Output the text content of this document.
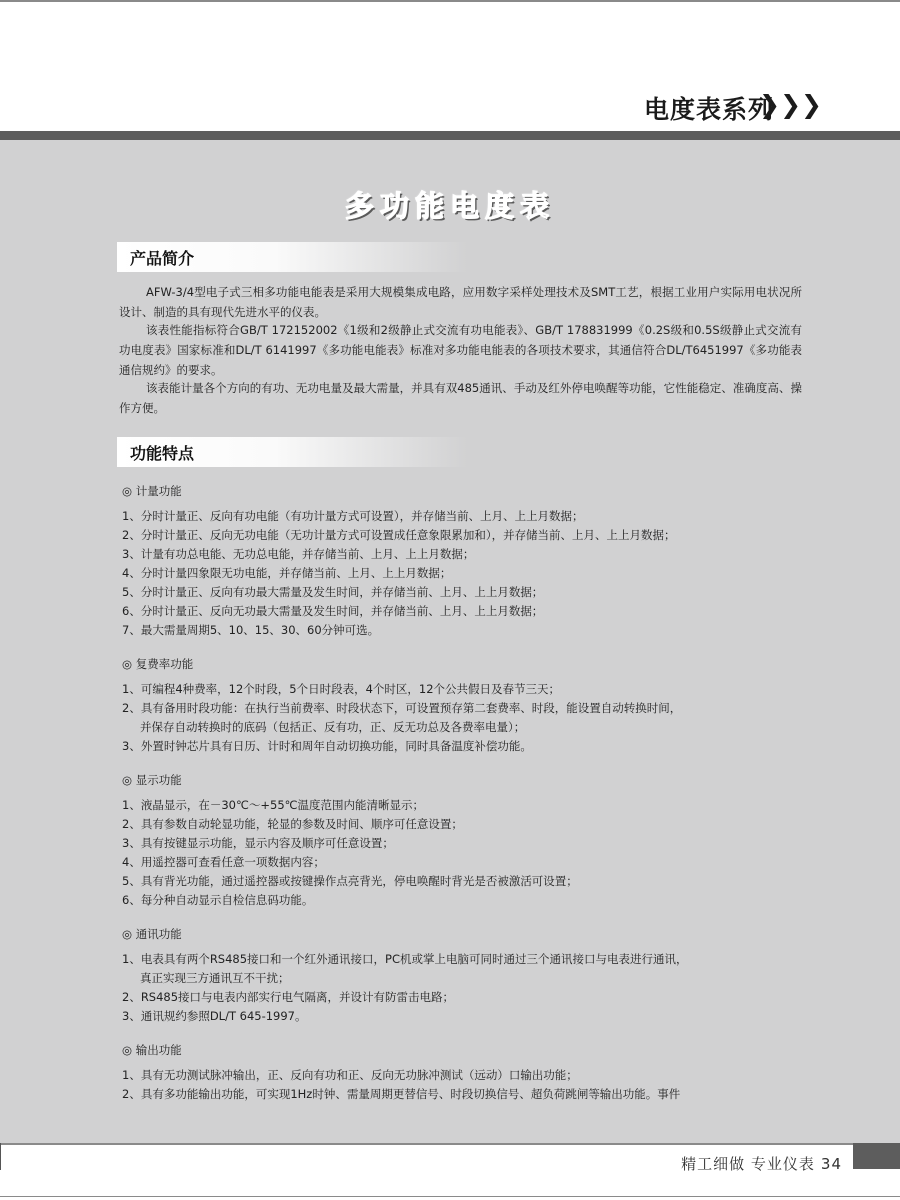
电度表系列
❯❯❯
多功能电度表
产品简介

AFW-3/4型电子式三相多功能电能表是采用大规模集成电路，应用数字采样处理技术及SMT工艺，根据工业用户实际用电状况所设计、制造的具有现代先进水平的仪表。

该表性能指标符合GB/T 172152002《1级和2级静止式交流有功电能表》、GB/T 178831999《0.2S级和0.5S级静止式交流有功电度表》国家标准和DL/T 6141997《多功能电能表》标准对多功能电能表的各项技术要求，其通信符合DL/T6451997《多功能表通信规约》的要求。

该表能计量各个方向的有功、无功电量及最大需量，并具有双485通讯、手动及红外停电唤醒等功能，它性能稳定、准确度高、操作方便。

功能特点
◎ 计量功能
1、分时计量正、反向有功电能（有功计量方式可设置），并存储当前、上月、上上月数据；
2、分时计量正、反向无功电能（无功计量方式可设置成任意象限累加和），并存储当前、上月、上上月数据；
3、计量有功总电能、无功总电能，并存储当前、上月、上上月数据；
4、分时计量四象限无功电能，并存储当前、上月、上上月数据；
5、分时计量正、反向有功最大需量及发生时间，并存储当前、上月、上上月数据；
6、分时计量正、反向无功最大需量及发生时间，并存储当前、上月、上上月数据；
7、最大需量周期5、10、15、30、60分钟可选。
◎ 复费率功能
1、可编程4种费率，12个时段，5个日时段表，4个时区，12个公共假日及春节三天；
2、具有备用时段功能：在执行当前费率、时段状态下，可设置预存第二套费率、时段，能设置自动转换时间，
并保存自动转换时的底码（包括正、反有功，正、反无功总及各费率电量）；
3、外置时钟芯片具有日历、计时和周年自动切换功能，同时具备温度补偿功能。
◎ 显示功能
1、液晶显示，在－30℃～+55℃温度范围内能清晰显示；
2、具有参数自动轮显功能，轮显的参数及时间、顺序可任意设置；
3、具有按键显示功能，显示内容及顺序可任意设置；
4、用遥控器可查看任意一项数据内容；
5、具有背光功能，通过遥控器或按键操作点亮背光，停电唤醒时背光是否被激活可设置；
6、每分种自动显示自检信息码功能。
◎ 通讯功能
1、电表具有两个RS485接口和一个红外通讯接口，PC机或掌上电脑可同时通过三个通讯接口与电表进行通讯，
真正实现三方通讯互不干扰；
2、RS485接口与电表内部实行电气隔离，并设计有防雷击电路；
3、通讯规约参照DL/T 645-1997。
◎ 输出功能
1、具有无功测试脉冲输出，正、反向有功和正、反向无功脉冲测试（远动）口输出功能；
2、具有多功能输出功能，可实现1Hz时钟、需量周期更替信号、时段切换信号、超负荷跳闸等输出功能。事件
精工细做 专业仪表 34
